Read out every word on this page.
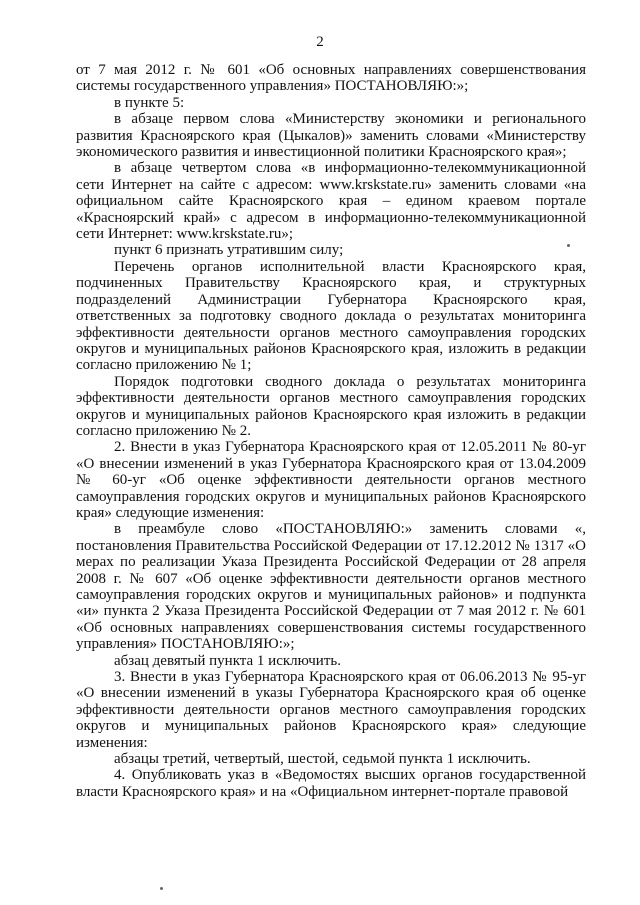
2

от 7 мая 2012 г. № 601 «Об основных направлениях совершенствования системы государственного управления» ПОСТАНОВЛЯЮ:»;

в пункте 5:

в абзаце первом слова «Министерству экономики и регионального развития Красноярского края (Цыкалов)» заменить словами «Министерству экономического развития и инвестиционной политики Красноярского края»;

в абзаце четвертом слова «в информационно-телекоммуникационной сети Интернет на сайте с адресом: www.krskstate.ru» заменить словами «на официальном сайте Красноярского края – едином краевом портале «Красноярский край» с адресом в информационно-телекоммуникационной сети Интернет: www.krskstate.ru»;

пункт 6 признать утратившим силу;

Перечень органов исполнительной власти Красноярского края, подчиненных Правительству Красноярского края, и структурных подразделений Администрации Губернатора Красноярского края, ответственных за подготовку сводного доклада о результатах мониторинга эффективности деятельности органов местного самоуправления городских округов и муниципальных районов Красноярского края, изложить в редакции согласно приложению № 1;

Порядок подготовки сводного доклада о результатах мониторинга эффективности деятельности органов местного самоуправления городских округов и муниципальных районов Красноярского края изложить в редакции согласно приложению № 2.

2. Внести в указ Губернатора Красноярского края от 12.05.2011 № 80-уг «О внесении изменений в указ Губернатора Красноярского края от 13.04.2009 № 60-уг «Об оценке эффективности деятельности органов местного самоуправления городских округов и муниципальных районов Красноярского края» следующие изменения:

в преамбуле слово «ПОСТАНОВЛЯЮ:» заменить словами «, постановления Правительства Российской Федерации от 17.12.2012 № 1317 «О мерах по реализации Указа Президента Российской Федерации от 28 апреля 2008 г. № 607 «Об оценке эффективности деятельности органов местного самоуправления городских округов и муниципальных районов» и подпункта «и» пункта 2 Указа Президента Российской Федерации от 7 мая 2012 г. № 601 «Об основных направлениях совершенствования системы государственного управления» ПОСТАНОВЛЯЮ:»;

абзац девятый пункта 1 исключить.

3. Внести в указ Губернатора Красноярского края от 06.06.2013 № 95-уг «О внесении изменений в указы Губернатора Красноярского края об оценке эффективности деятельности органов местного самоуправления городских округов и муниципальных районов Красноярского края» следующие изменения:

абзацы третий, четвертый, шестой, седьмой пункта 1 исключить.

4. Опубликовать указ в «Ведомостях высших органов государственной власти Красноярского края» и на «Официальном интернет-портале правовой
